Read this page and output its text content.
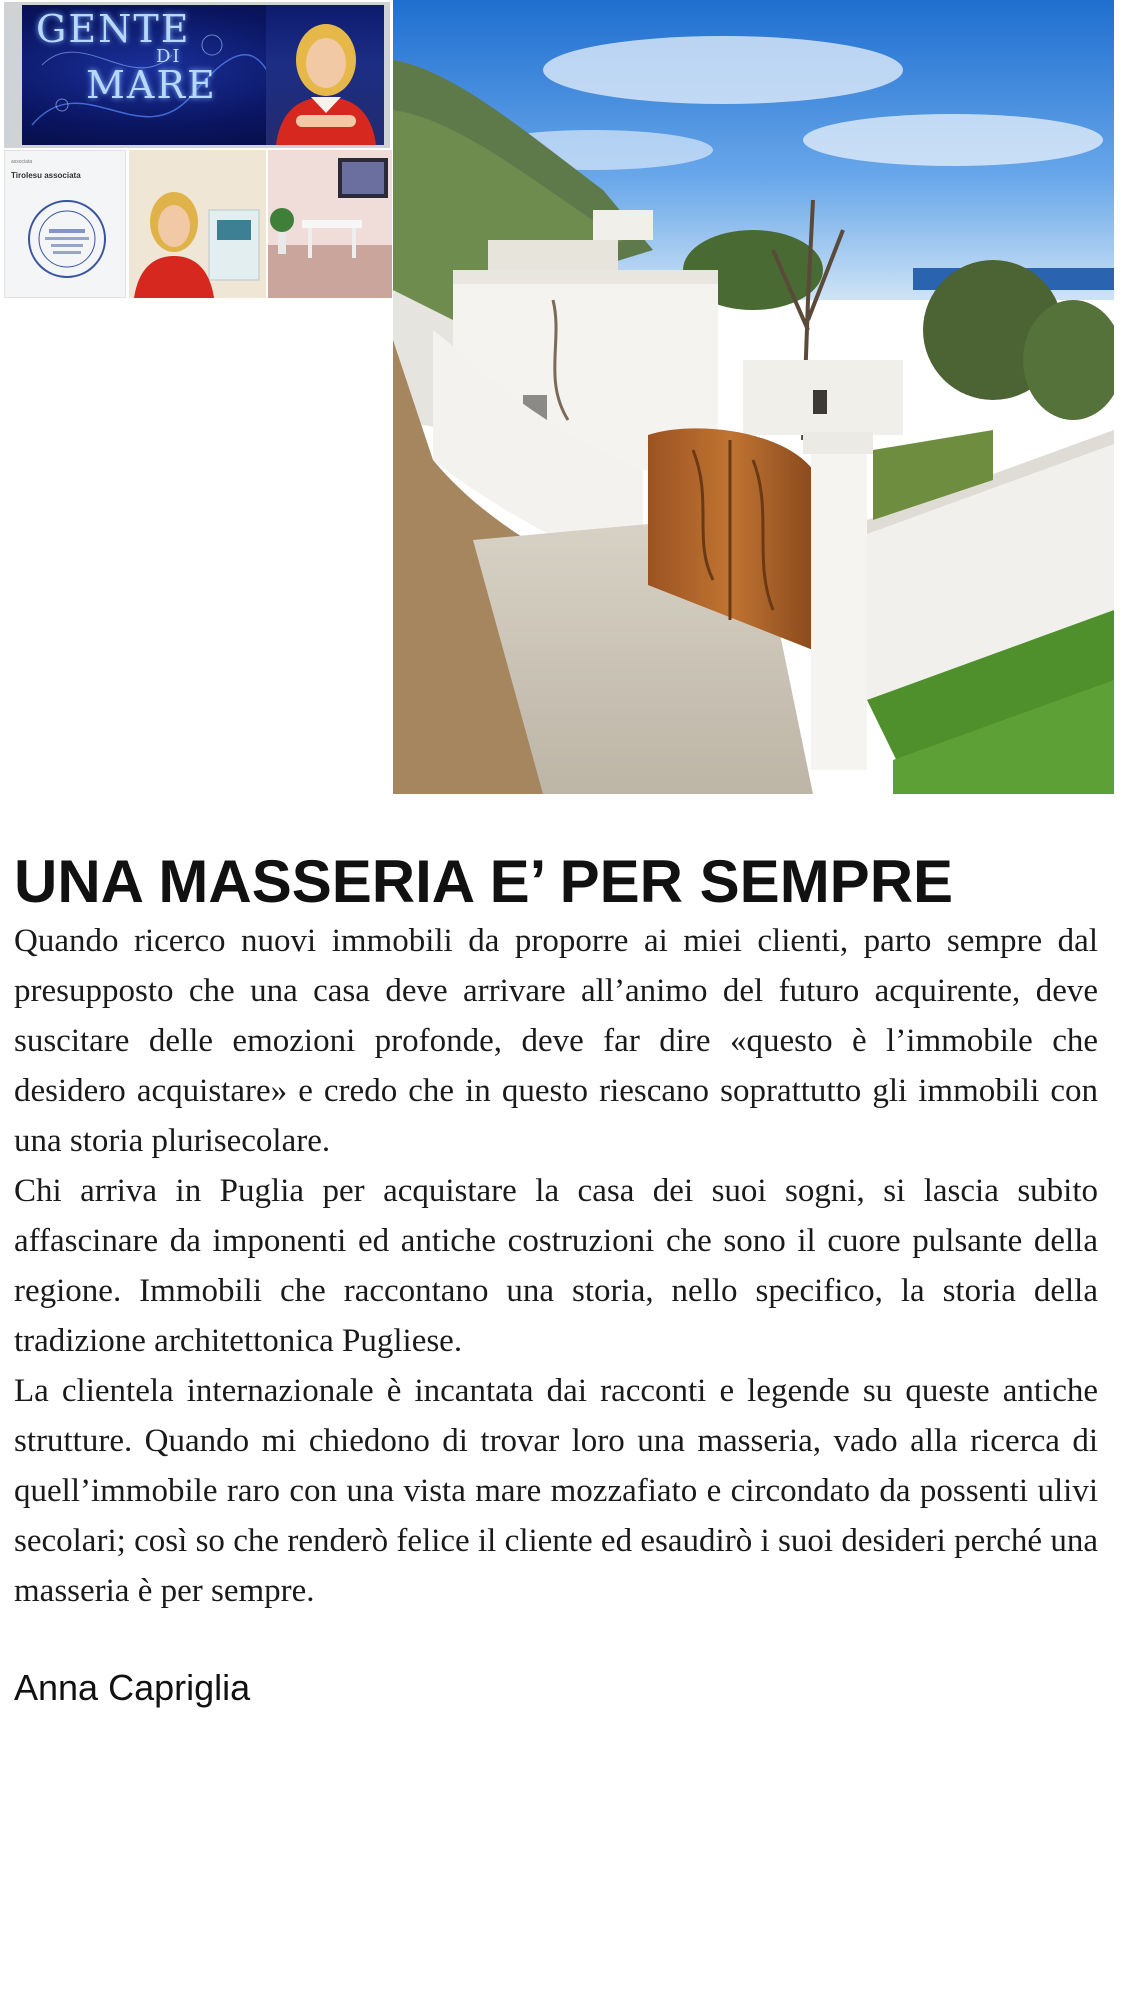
GENTE
DI
MARE
associata
Tirolesu associata
UNA MASSERIA E’ PER SEMPRE

Quando ricerco nuovi immobili da proporre ai miei clienti, parto sempre dal presupposto che una casa deve arrivare all’animo del futuro acquirente, deve suscitare delle emozioni profonde, deve far dire «questo è l’immobile che desidero acquistare» e credo che in questo riescano soprattutto gli immobili con una storia plurisecolare.

Chi arriva in Puglia per acquistare la casa dei suoi sogni, si lascia subito affascinare da imponenti ed antiche costruzioni che sono il cuore pulsante della regione. Immobili che raccontano una storia, nello specifico, la storia della tradizione architettonica Pugliese.

La clientela internazionale è incantata dai racconti e legende su queste antiche strutture. Quando mi chiedono di trovar loro una masseria, vado alla ricerca di quell’immobile raro con una vista mare mozzafiato e circondato da possenti ulivi secolari; così so che renderò felice il cliente ed esaudirò i suoi desideri perché una masseria è per sempre.

Anna Capriglia
